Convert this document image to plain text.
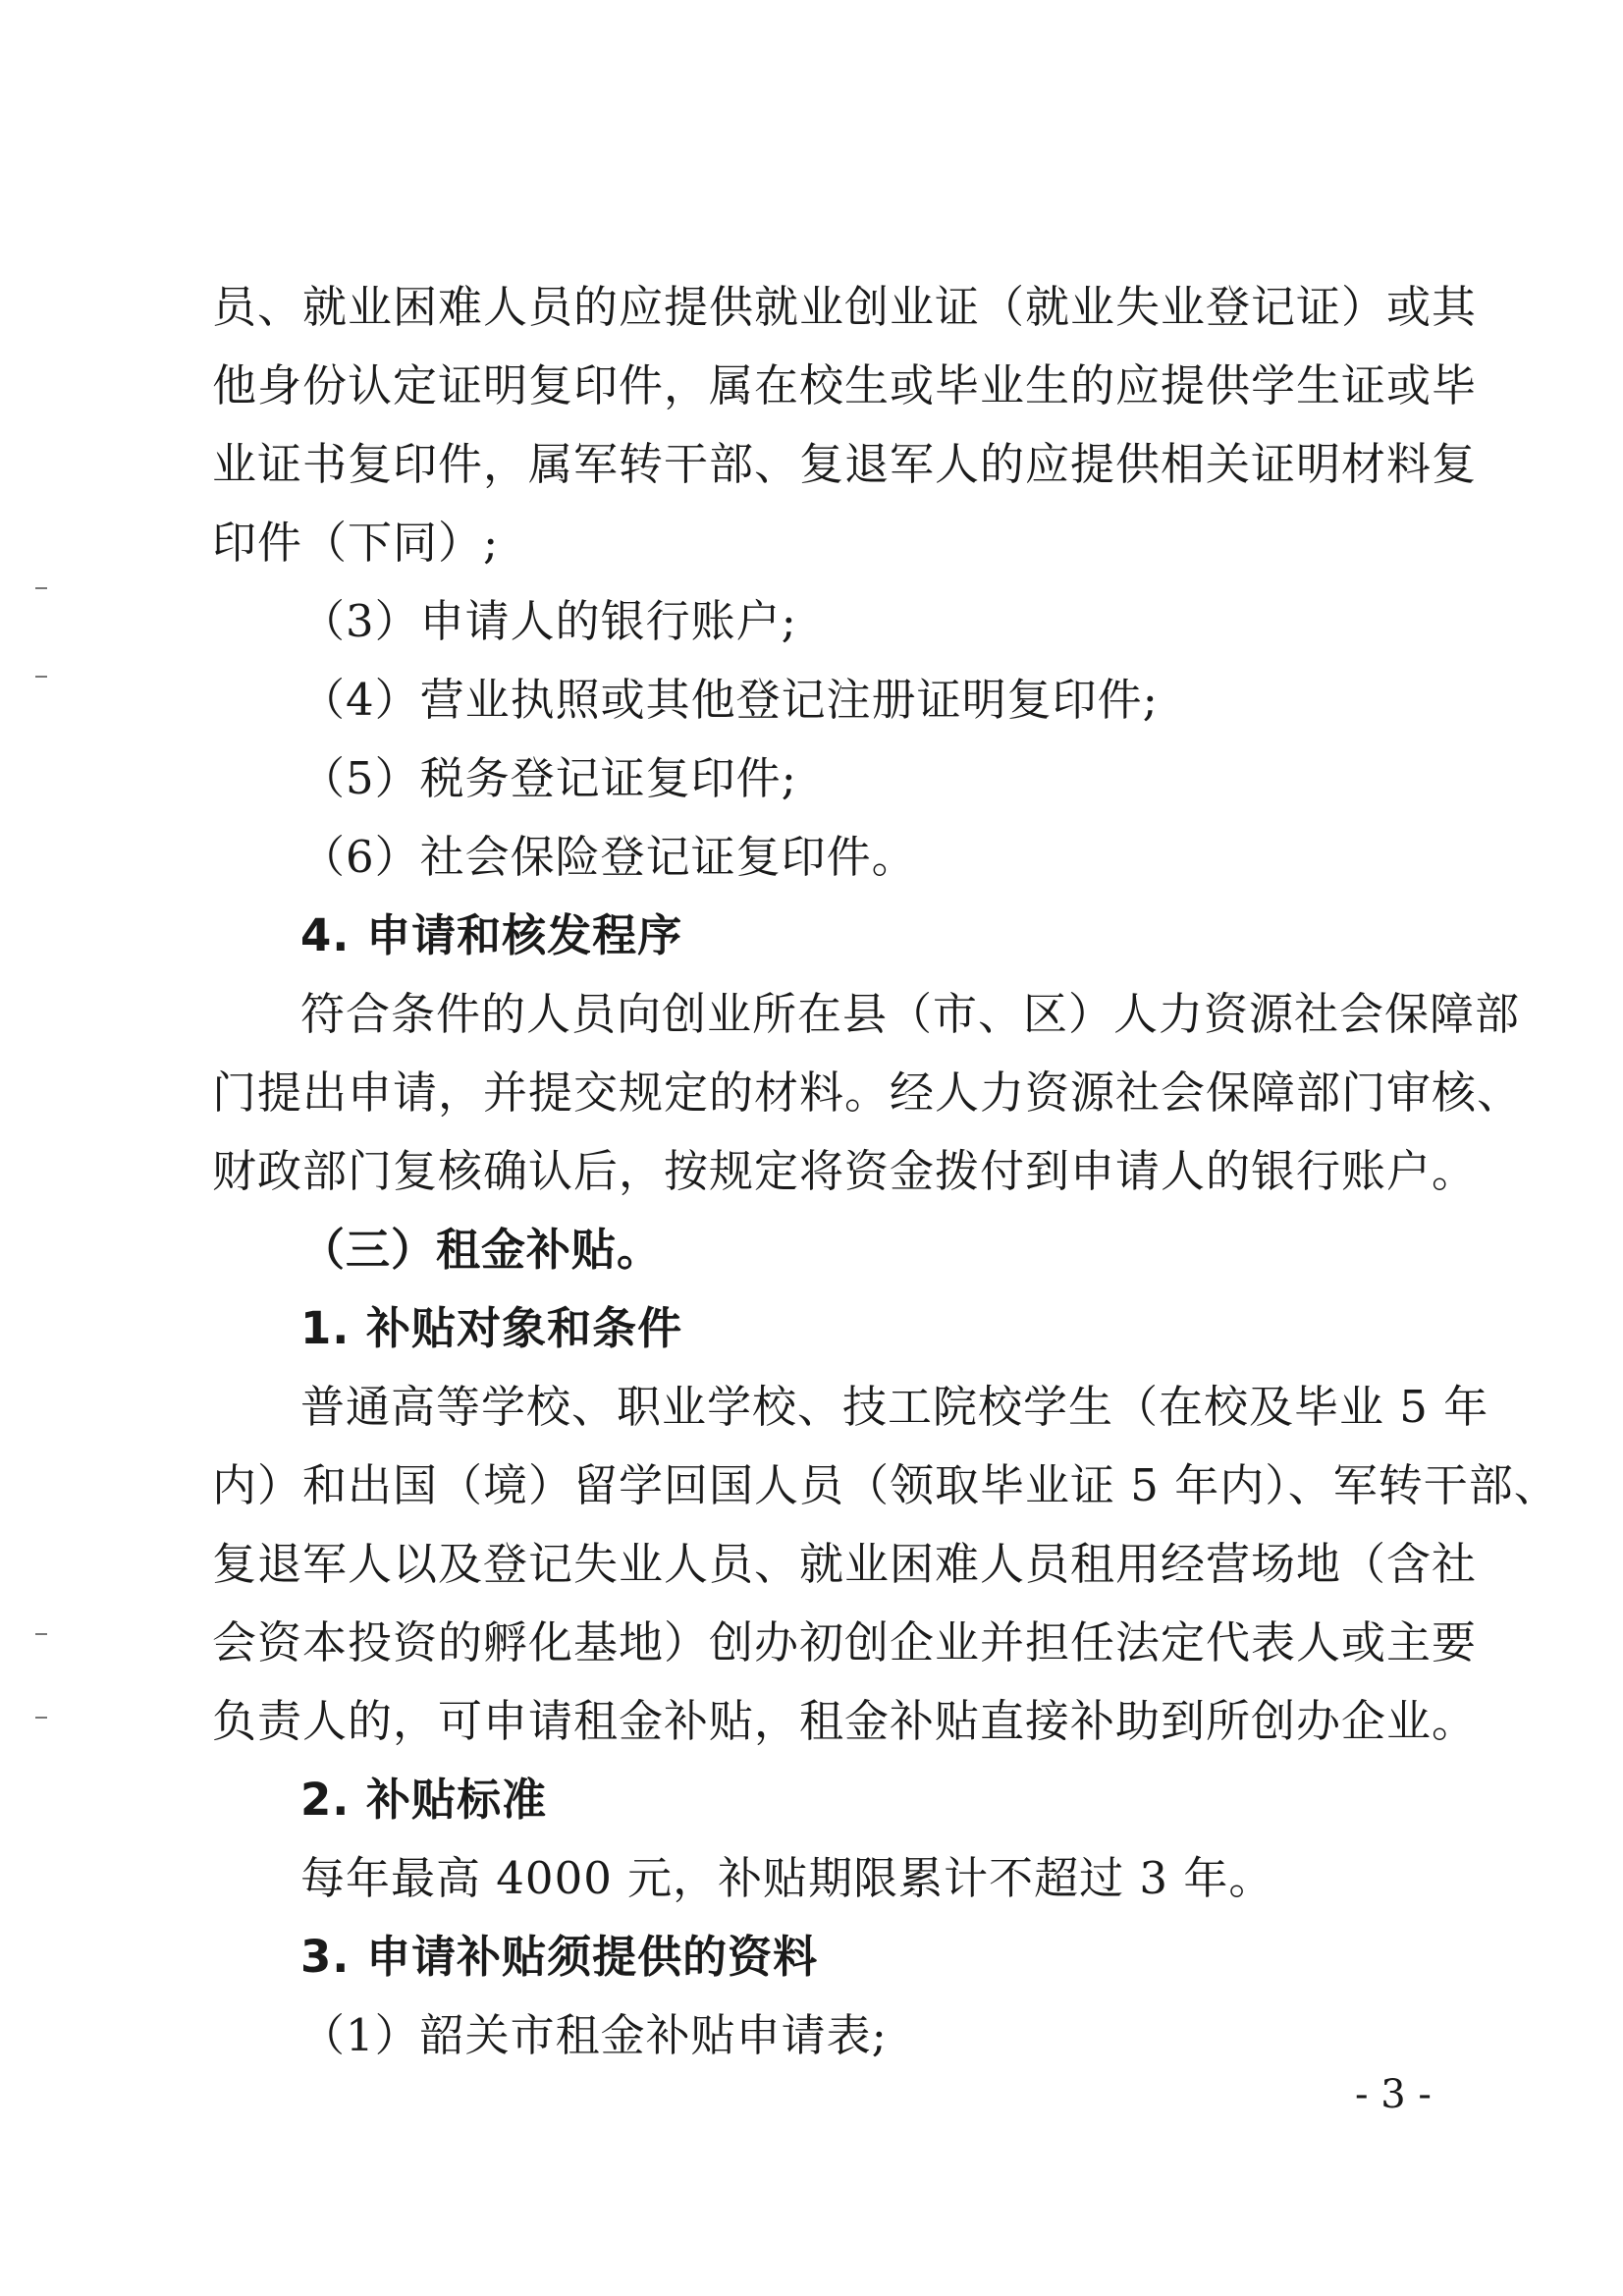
员、就业困难人员的应提供就业创业证（就业失业登记证）或其
他身份认定证明复印件，属在校生或毕业生的应提供学生证或毕
业证书复印件，属军转干部、复退军人的应提供相关证明材料复
印件（下同）;
（3）申请人的银行账户;
（4）营业执照或其他登记注册证明复印件;
（5）税务登记证复印件;
（6）社会保险登记证复印件。
4. 申请和核发程序
符合条件的人员向创业所在县（市、区）人力资源社会保障部
门提出申请，并提交规定的材料。经人力资源社会保障部门审核、
财政部门复核确认后，按规定将资金拨付到申请人的银行账户。
（三）租金补贴。
1. 补贴对象和条件
普通高等学校、职业学校、技工院校学生（在校及毕业 5 年
内）和出国（境）留学回国人员（领取毕业证 5 年内）、军转干部、
复退军人以及登记失业人员、就业困难人员租用经营场地（含社
会资本投资的孵化基地）创办初创企业并担任法定代表人或主要
负责人的，可申请租金补贴，租金补贴直接补助到所创办企业。
2. 补贴标准
每年最高 4000 元，补贴期限累计不超过 3 年。
3. 申请补贴须提供的资料
（1）韶关市租金补贴申请表;
- 3 -
